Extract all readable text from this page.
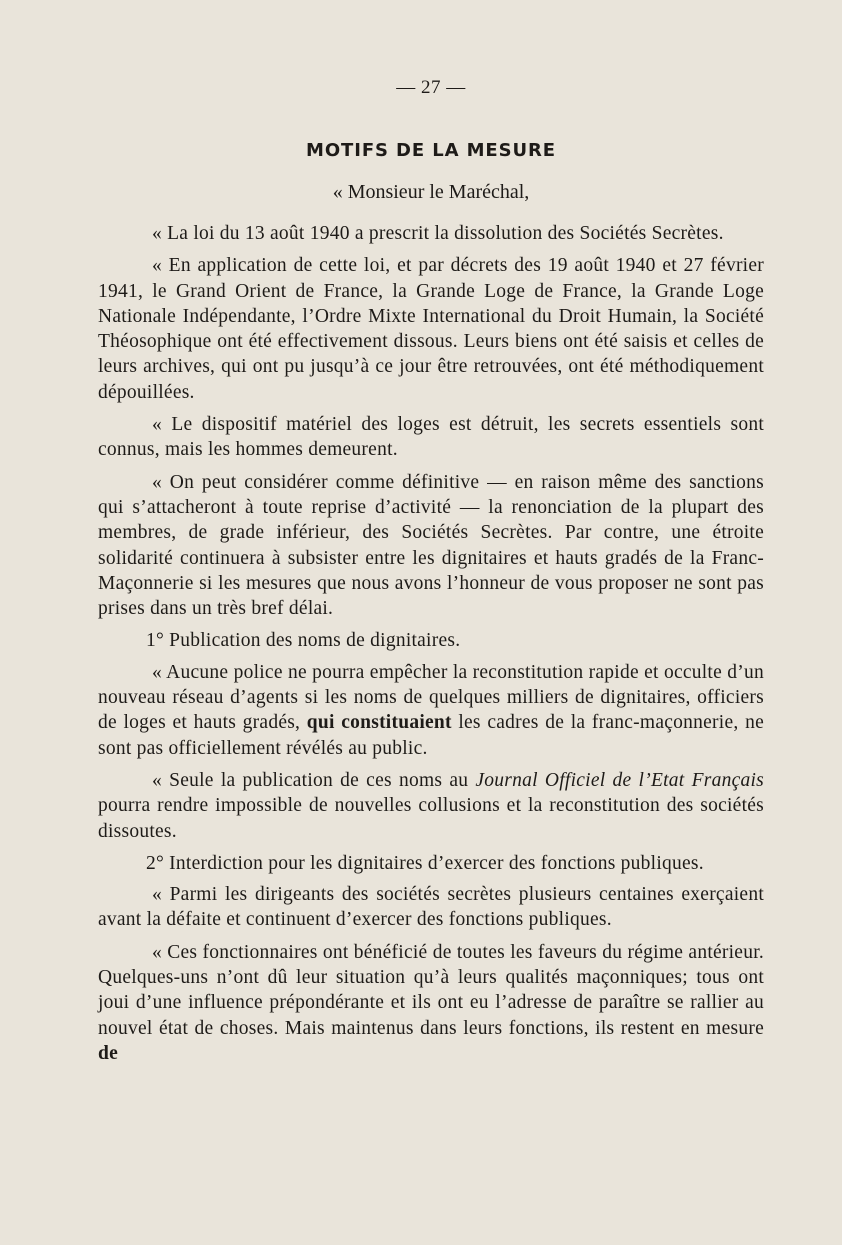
— 27 —
MOTIFS DE LA MESURE
« Monsieur le Maréchal,

« La loi du 13 août 1940 a prescrit la dissolution des Sociétés Secrètes.

« En application de cette loi, et par décrets des 19 août 1940 et 27 février 1941, le Grand Orient de France, la Grande Loge de France, la Grande Loge Nationale Indépendante, l’Ordre Mixte International du Droit Humain, la Société Théosophique ont été effectivement dissous. Leurs biens ont été saisis et celles de leurs archives, qui ont pu jusqu’à ce jour être retrouvées, ont été méthodiquement dépouillées.

« Le dispositif matériel des loges est détruit, les secrets essentiels sont connus, mais les hommes demeurent.

« On peut considérer comme définitive — en raison même des sanctions qui s’attacheront à toute reprise d’activité — la renonciation de la plupart des membres, de grade inférieur, des Sociétés Secrètes. Par contre, une étroite solidarité continuera à subsister entre les dignitaires et hauts gradés de la Franc-Maçonnerie si les mesures que nous avons l’honneur de vous proposer ne sont pas prises dans un très bref délai.

1° Publication des noms de dignitaires.

« Aucune police ne pourra empêcher la reconstitution rapide et occulte d’un nouveau réseau d’agents si les noms de quelques milliers de dignitaires, officiers de loges et hauts gradés, qui constituaient les cadres de la franc-maçonnerie, ne sont pas officiellement révélés au public.

« Seule la publication de ces noms au Journal Officiel de l’Etat Français pourra rendre impossible de nouvelles collusions et la reconstitution des sociétés dissoutes.

2° Interdiction pour les dignitaires d’exercer des fonctions publiques.

« Parmi les dirigeants des sociétés secrètes plusieurs centaines exerçaient avant la défaite et continuent d’exercer des fonctions publiques.

« Ces fonctionnaires ont bénéficié de toutes les faveurs du régime antérieur. Quelques-uns n’ont dû leur situation qu’à leurs qualités maçonniques; tous ont joui d’une influence prépondérante et ils ont eu l’adresse de paraître se rallier au nouvel état de choses. Mais maintenus dans leurs fonctions, ils restent en mesure de
